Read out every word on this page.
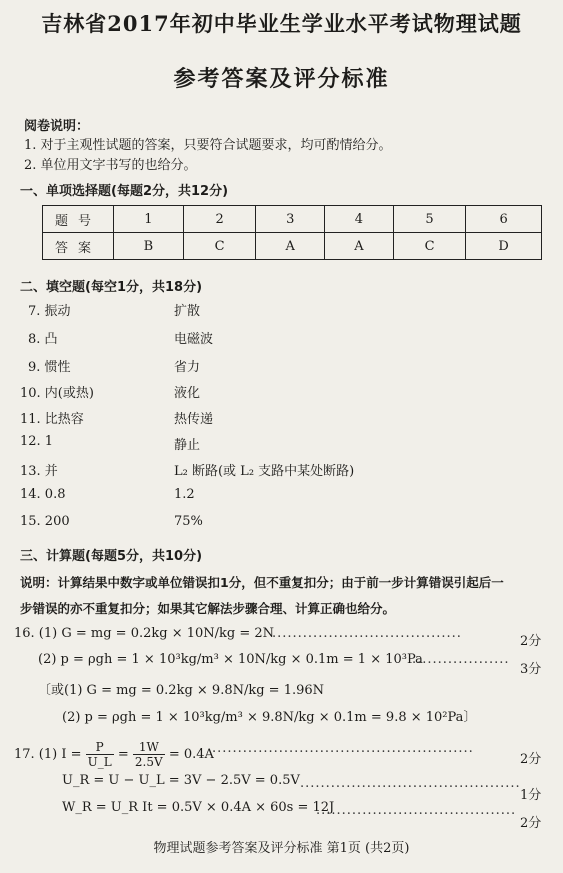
吉林省2017年初中毕业生学业水平考试物理试题
参考答案及评分标准
阅卷说明：
1. 对于主观性试题的答案，只要符合试题要求，均可酌情给分。
2. 单位用文字书写的也给分。
一、单项选择题(每题2分，共12分)
题号	1	2	3	4	5	6
答案	B	C	A	A	C	D
二、填空题(每空1分，共18分)
7. 振动	扩散
8. 凸	电磁波
9. 惯性	省力
10. 内(或热)	液化
11. 比热容	热传递
12. 1	静止
13. 并	L₂ 断路(或 L₂ 支路中某处断路)
14. 0.8	1.2
15. 200	75%
三、计算题(每题5分，共10分)
说明：计算结果中数字或单位错误扣1分，但不重复扣分；由于前一步计算错误引起后一
步错误的亦不重复扣分；如果其它解法步骤合理、计算正确也给分。
16. (1) G = mg = 0.2kg × 10N/kg = 2N
.....................................
2分
(2) p = ρgh = 1 × 10³kg/m³ × 10N/kg × 0.1m = 1 × 10³Pa
...................
3分
〔或(1) G = mg = 0.2kg × 9.8N/kg = 1.96N
(2) p = ρgh = 1 × 10³kg/m³ × 9.8N/kg × 0.1m = 9.8 × 10²Pa〕
17. (1) $I = \frac{P}{U\_L} = \frac{1W}{2.5V} = 0.4A$
...................................................
2分
U_R = U − U_L = 3V − 2.5V = 0.5V ...........................................
1分
W_R = U_R It = 0.5V × 0.4A × 60s = 12J
.......................................
2分
物理试题参考答案及评分标准 第1页 (共2页)
